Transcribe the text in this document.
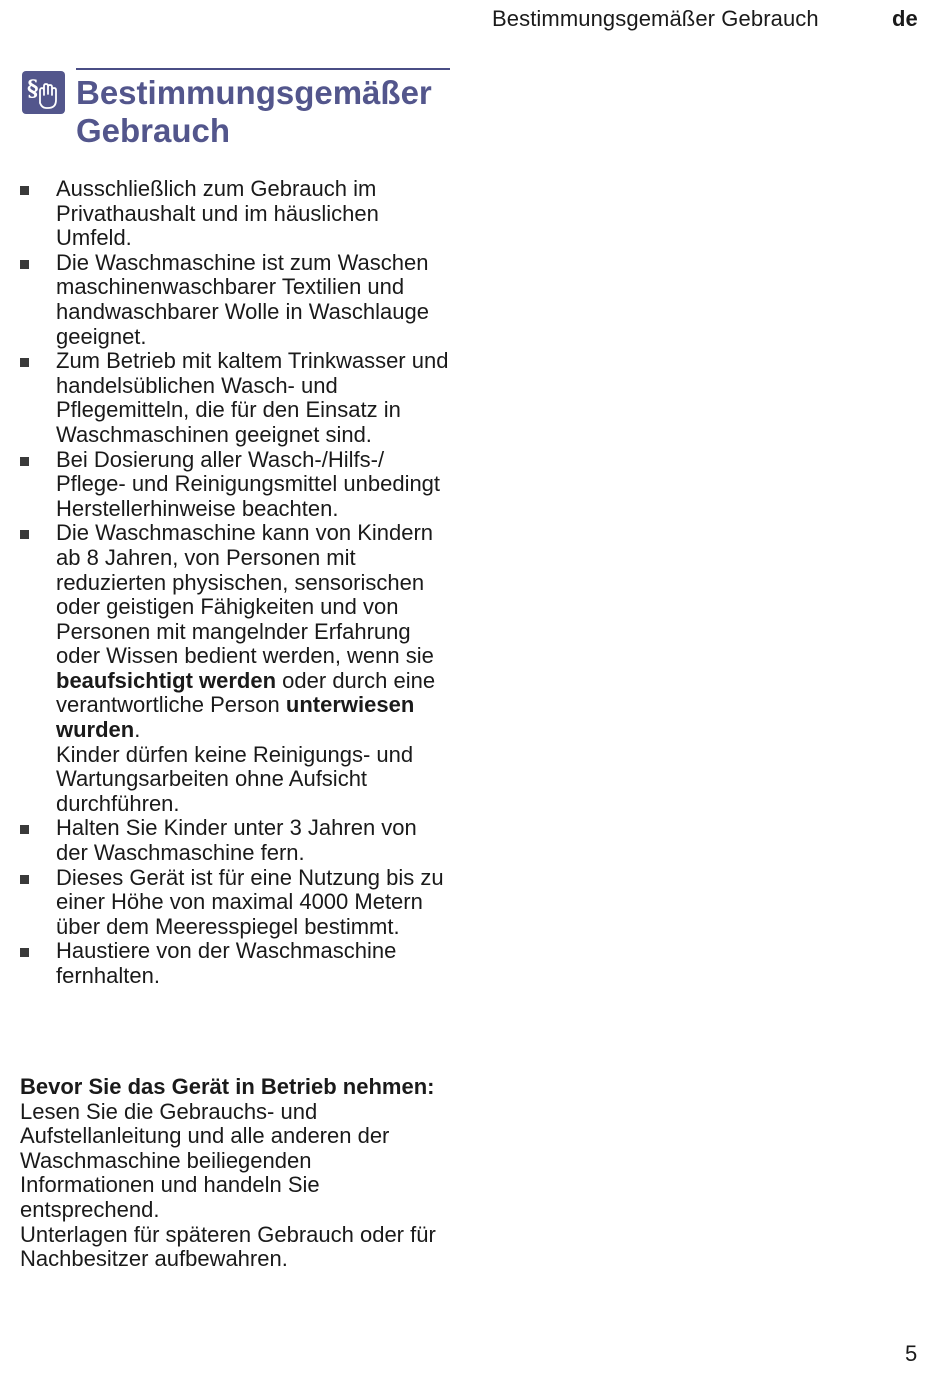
Bestimmungsgemäßer Gebrauch	de
§ Bestimmungsgemäßer
Gebrauch
Ausschließlich zum Gebrauch im Privathaushalt und im häuslichen Umfeld.
Die Waschmaschine ist zum Waschen maschinenwaschbarer Textilien und handwaschbarer Wolle in Waschlauge geeignet.
Zum Betrieb mit kaltem Trinkwasser und handelsüblichen Wasch- und Pflegemitteln, die für den Einsatz in Waschmaschinen geeignet sind.
Bei Dosierung aller Wasch-/Hilfs-/ Pflege- und Reinigungsmittel unbedingt Herstellerhinweise beachten.
Die Waschmaschine kann von Kindern ab 8 Jahren, von Personen mit reduzierten physischen, sensorischen oder geistigen Fähigkeiten und von Personen mit mangelnder Erfahrung oder Wissen bedient werden, wenn sie beaufsichtigt werden oder durch eine verantwortliche Person unterwiesen wurden.
Kinder dürfen keine Reinigungs- und Wartungsarbeiten ohne Aufsicht durchführen.
Halten Sie Kinder unter 3 Jahren von der Waschmaschine fern.
Dieses Gerät ist für eine Nutzung bis zu einer Höhe von maximal 4000 Metern über dem Meeresspiegel bestimmt.
Haustiere von der Waschmaschine fernhalten.

Bevor Sie das Gerät in Betrieb nehmen: Lesen Sie die Gebrauchs- und Aufstellanleitung und alle anderen der Waschmaschine beiliegenden Informationen und handeln Sie entsprechend.

Unterlagen für späteren Gebrauch oder für Nachbesitzer aufbewahren.

5
